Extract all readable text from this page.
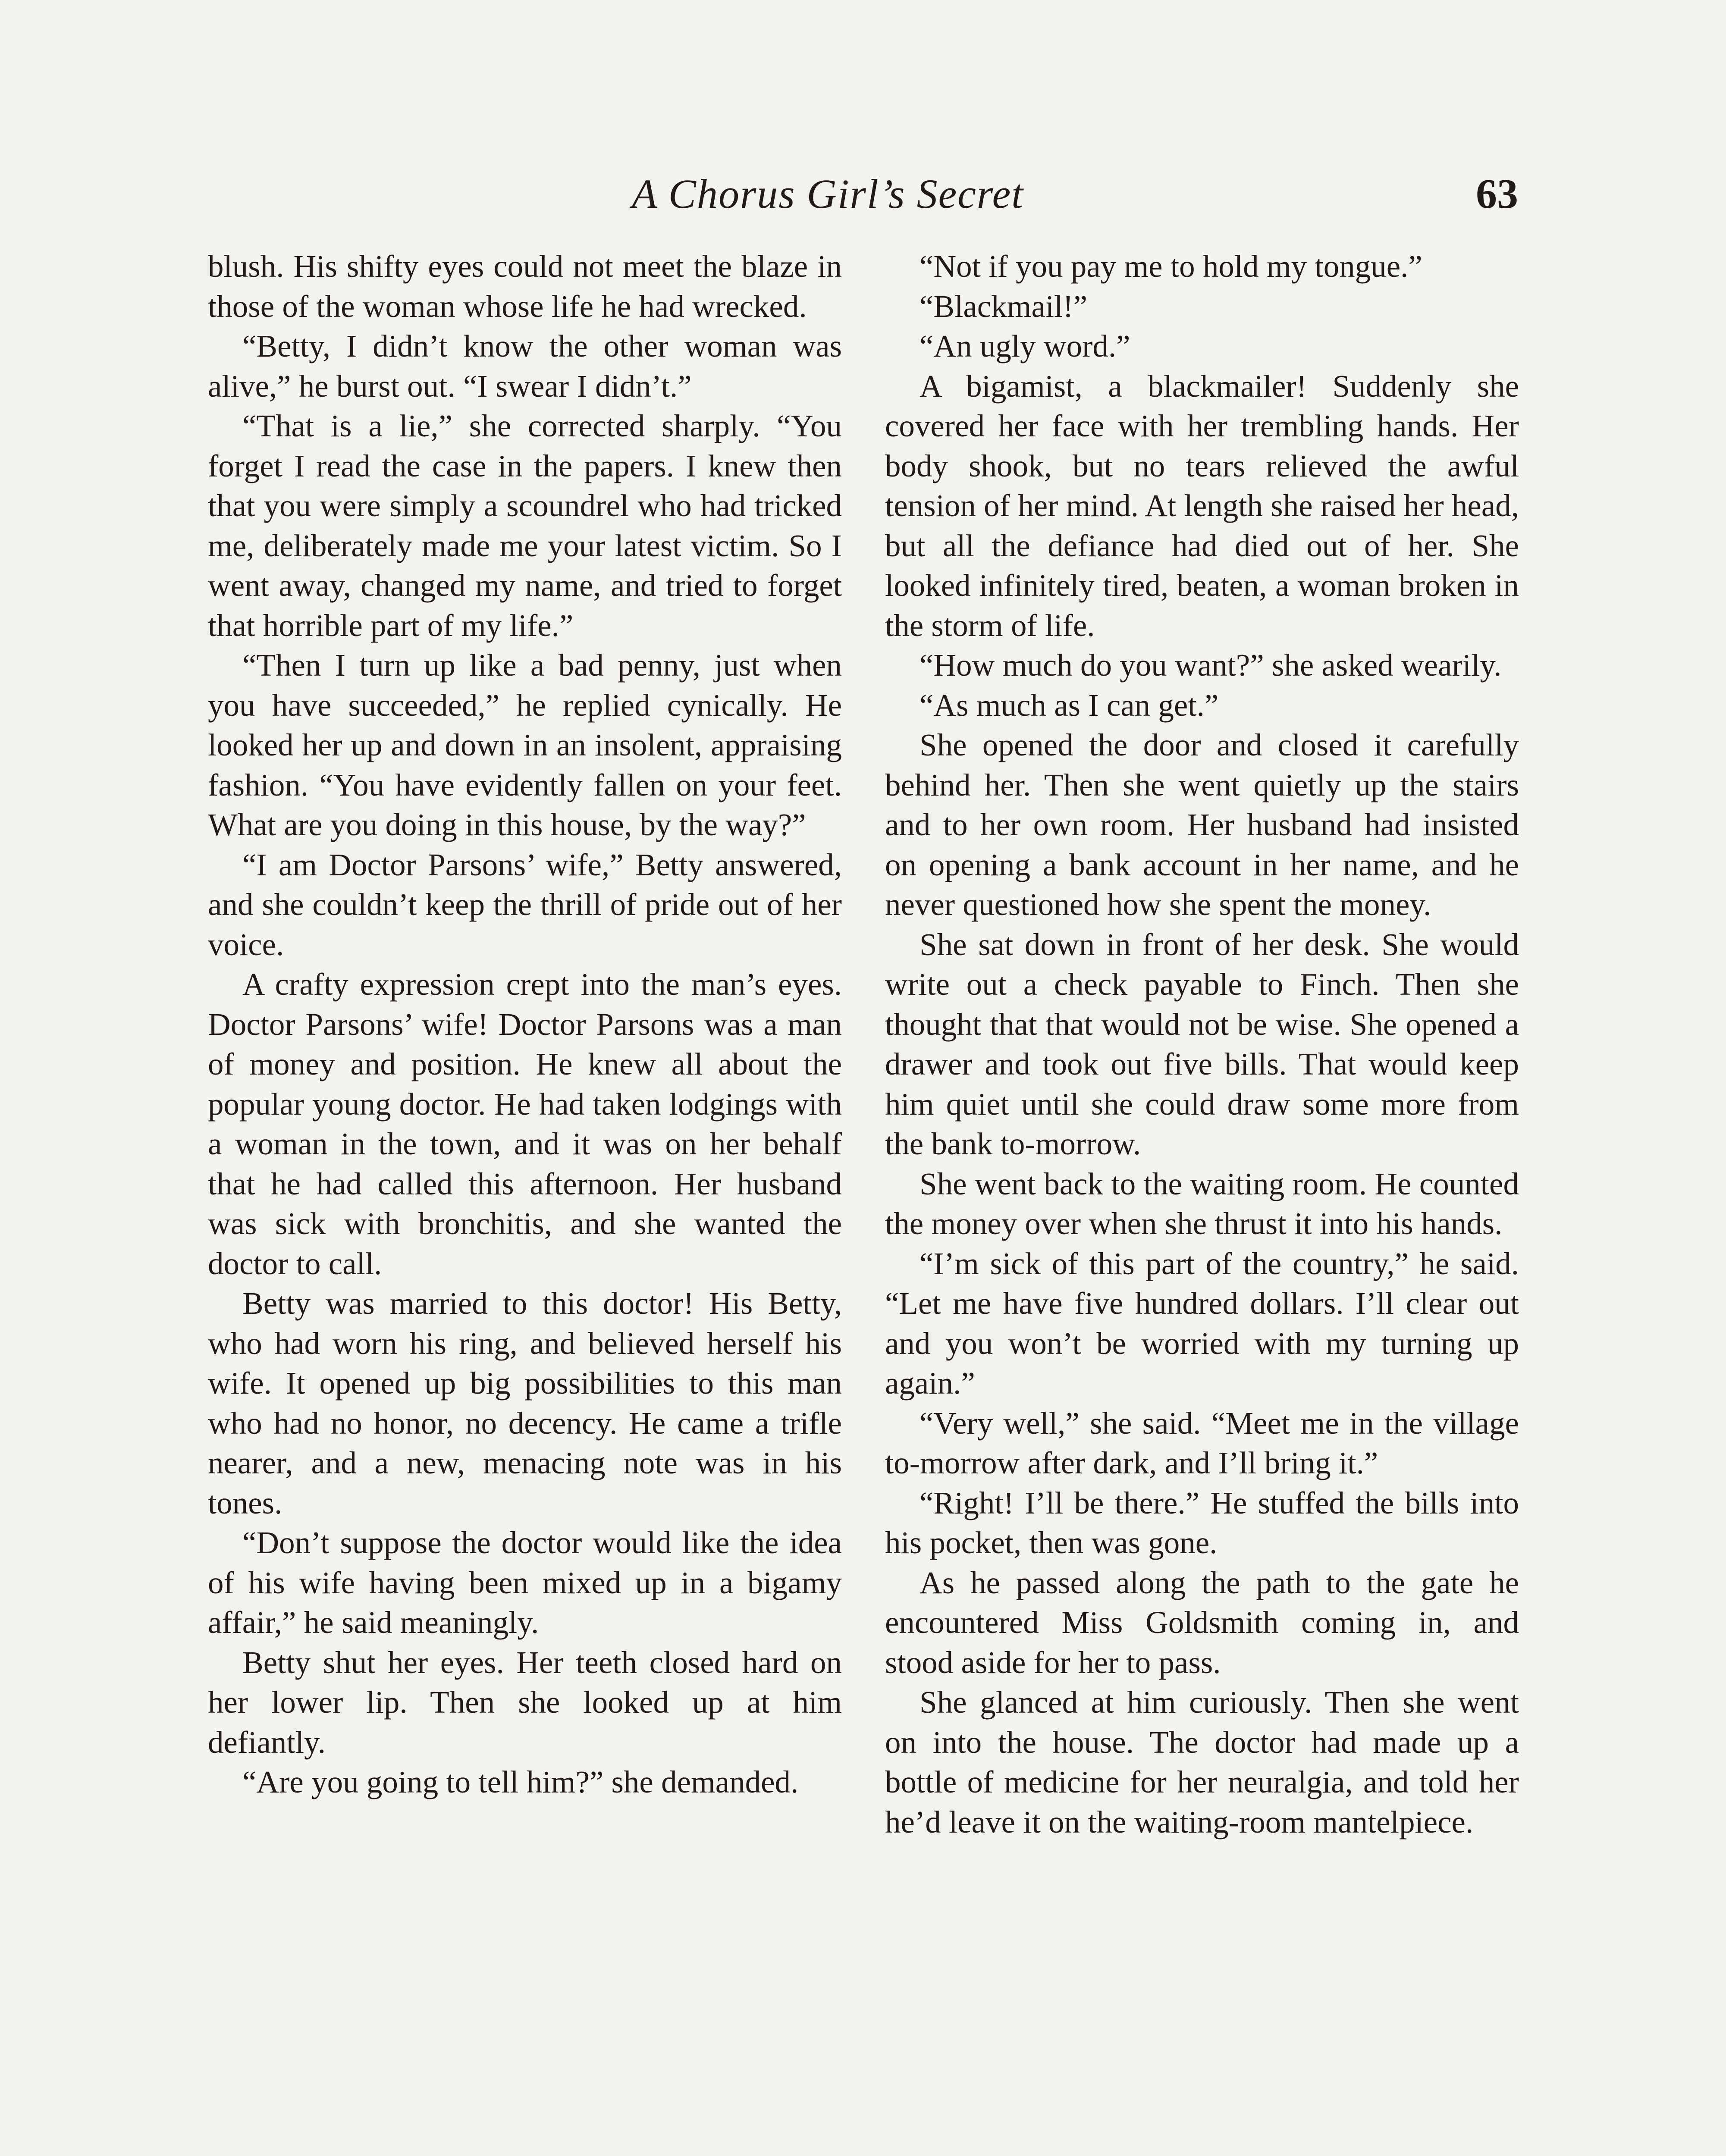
A Chorus Girl’s Secret	63

blush. His shifty eyes could not meet the blaze in those of the woman whose life he had wrecked.

“Betty, I didn’t know the other woman was alive,” he burst out. “I swear I didn’t.”

“That is a lie,” she corrected sharply. “You forget I read the case in the papers. I knew then that you were simply a scoundrel who had tricked me, deliberately made me your latest victim. So I went away, changed my name, and tried to forget that horrible part of my life.”

“Then I turn up like a bad penny, just when you have succeeded,” he replied cynically. He looked her up and down in an insolent, appraising fashion. “You have evidently fallen on your feet. What are you doing in this house, by the way?”

“I am Doctor Parsons’ wife,” Betty answered, and she couldn’t keep the thrill of pride out of her voice.

A crafty expression crept into the man’s eyes. Doctor Parsons’ wife! Doctor Parsons was a man of money and position. He knew all about the popular young doctor. He had taken lodgings with a woman in the town, and it was on her behalf that he had called this afternoon. Her husband was sick with bronchitis, and she wanted the doctor to call.

Betty was married to this doctor! His Betty, who had worn his ring, and believed herself his wife. It opened up big possibilities to this man who had no honor, no decency. He came a trifle nearer, and a new, menacing note was in his tones.

“Don’t suppose the doctor would like the idea of his wife having been mixed up in a bigamy affair,” he said meaningly.

Betty shut her eyes. Her teeth closed hard on her lower lip. Then she looked up at him defiantly.

“Are you going to tell him?” she demanded.

“Not if you pay me to hold my tongue.”

“Blackmail!”

“An ugly word.”

A bigamist, a blackmailer! Suddenly she covered her face with her trembling hands. Her body shook, but no tears relieved the awful tension of her mind. At length she raised her head, but all the defiance had died out of her. She looked infinitely tired, beaten, a woman broken in the storm of life.

“How much do you want?” she asked wearily.

“As much as I can get.”

She opened the door and closed it carefully behind her. Then she went quietly up the stairs and to her own room. Her husband had insisted on opening a bank account in her name, and he never questioned how she spent the money.

She sat down in front of her desk. She would write out a check payable to Finch. Then she thought that that would not be wise. She opened a drawer and took out five bills. That would keep him quiet until she could draw some more from the bank to-morrow.

She went back to the waiting room. He counted the money over when she thrust it into his hands.

“I’m sick of this part of the country,” he said. “Let me have five hundred dollars. I’ll clear out and you won’t be worried with my turning up again.”

“Very well,” she said. “Meet me in the village to-morrow after dark, and I’ll bring it.”

“Right! I’ll be there.” He stuffed the bills into his pocket, then was gone.

As he passed along the path to the gate he encountered Miss Goldsmith coming in, and stood aside for her to pass.

She glanced at him curiously. Then she went on into the house. The doctor had made up a bottle of medicine for her neuralgia, and told her he’d leave it on the waiting-room mantelpiece.
